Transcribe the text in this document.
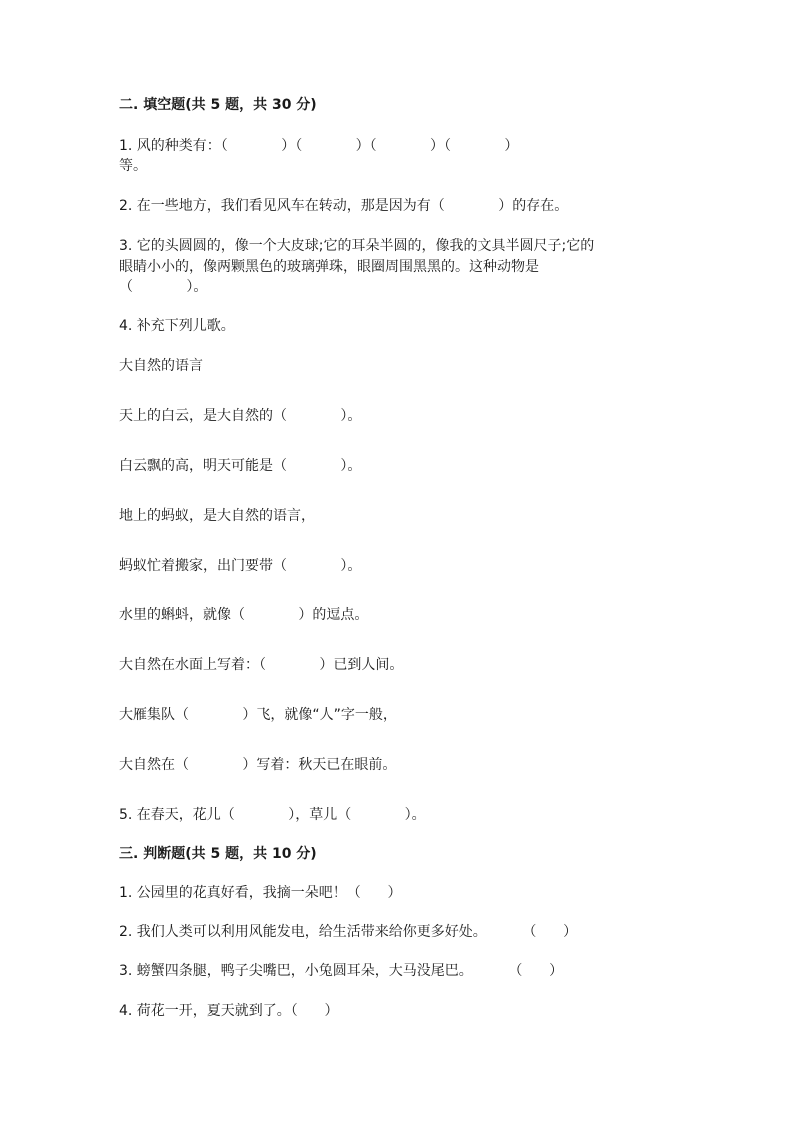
二. 填空题(共 5 题，共 30 分)
1. 风的种类有：（            ）（            ）（            ）（            ）
等。
2. 在一些地方，我们看见风车在转动，那是因为有（            ）的存在。
3. 它的头圆圆的，像一个大皮球;它的耳朵半圆的，像我的文具半圆尺子;它的
眼睛小小的，像两颗黑色的玻璃弹珠，眼圈周围黑黑的。这种动物是
（            ）。
4. 补充下列儿歌。
大自然的语言
天上的白云，是大自然的（            ）。
白云飘的高，明天可能是（            ）。
地上的蚂蚁，是大自然的语言，
蚂蚁忙着搬家，出门要带（            ）。
水里的蝌蚪，就像（            ）的逗点。
大自然在水面上写着：（            ）已到人间。
大雁集队（            ）飞，就像“人”字一般，
大自然在（            ）写着：秋天已在眼前。
5. 在春天，花儿（            ），草儿（            ）。
三. 判断题(共 5 题，共 10 分)
1. 公园里的花真好看，我摘一朵吧！（      ）
2. 我们人类可以利用风能发电，给生活带来给你更多好处。        （      ）
3. 螃蟹四条腿，鸭子尖嘴巴，小兔圆耳朵，大马没尾巴。        （      ）
4. 荷花一开，夏天就到了。（      ）
